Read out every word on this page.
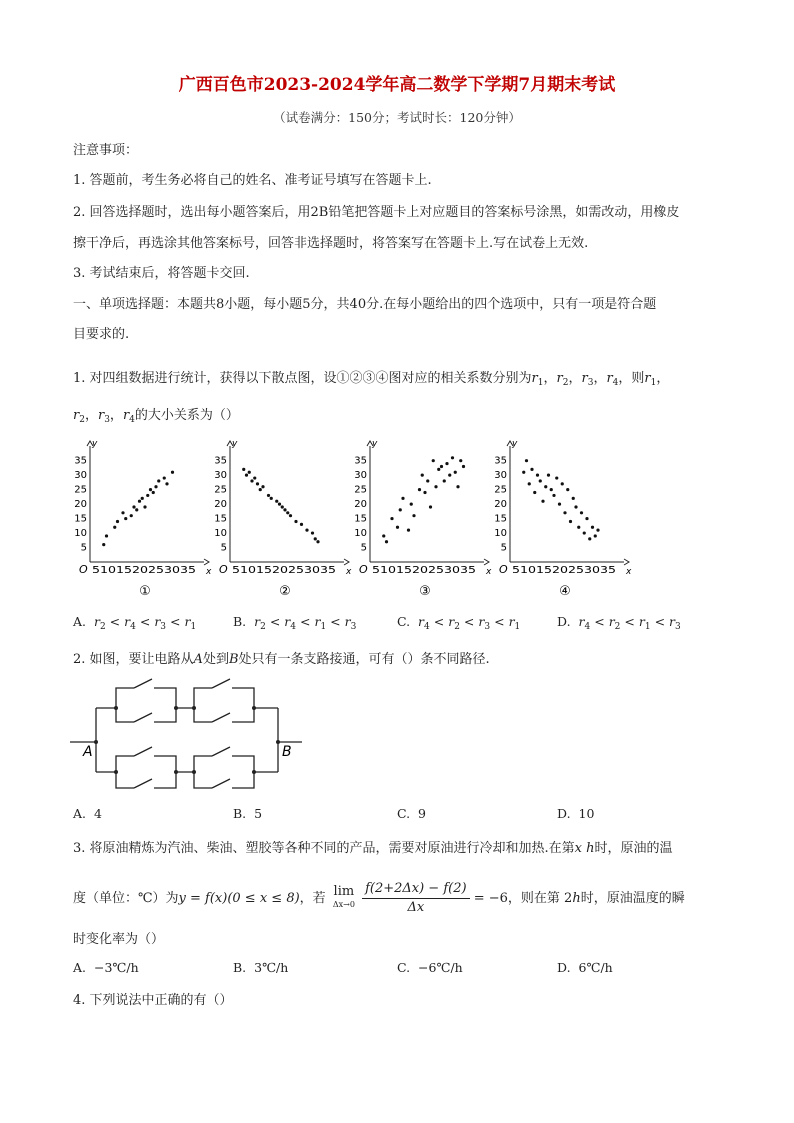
广西百色市2023-2024学年高二数学下学期7月期末考试
（试卷满分：150分；考试时长：120分钟）
注意事项：
1. 答题前，考生务必将自己的姓名、准考证号填写在答题卡上.
2. 回答选择题时，选出每小题答案后，用2B铅笔把答题卡上对应题目的答案标号涂黑，如需改动，用橡皮
擦干净后，再选涂其他答案标号，回答非选择题时，将答案写在答题卡上.写在试卷上无效.
3. 考试结束后，将答题卡交回.
一、单项选择题：本题共8小题，每小题5分，共40分.在每小题给出的四个选项中，只有一项是符合题
目要求的.
1. 对四组数据进行统计，获得以下散点图，设①②③④图对应的相关系数分别为$r_1$，$r_2$，$r_3$，$r_4$，则$r_1$，
$r_2$，$r_3$，$r_4$的大小关系为（）
y
x
O
5
10
15
20
25
30
35
5101520253035
①
y
x
O
5
10
15
20
25
30
35
5101520253035
②
y
x
O
5
10
15
20
25
30
35
5101520253035
③
y
x
O
5
10
15
20
25
30
35
5101520253035
④
A. $r_2 < r_4 < r_3 < r_1$	B. $r_2 < r_4 < r_1 < r_3$	C. $r_4 < r_2 < r_3 < r_1$	D. $r_4 < r_2 < r_1 < r_3$
2. 如图，要让电路从A处到B处只有一条支路接通，可有（）条不同路径.
A	B
A. 4	B. 5	C. 9	D. 10
3. 将原油精炼为汽油、柴油、塑胶等各种不同的产品，需要对原油进行冷却和加热.在第x h时，原油的温
度（单位：℃）为y = f(x)(0 ≤ x ≤ 8)，若 lim
$\Delta x\to 0 \frac{f(2+2\Delta x) - f(2)}{\Delta x} = -6$，则在第 2h时，原油温度的瞬
时变化率为（）
A. −3℃/h	B. 3℃/h	C. −6℃/h	D. 6℃/h
4. 下列说法中正确的有（）
